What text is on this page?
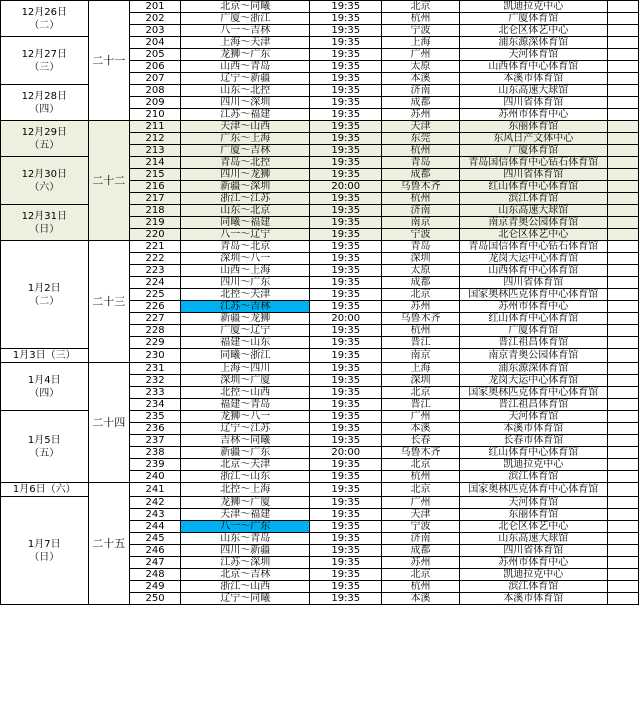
12月26日
（二）	二十一	201	北京～同曦	19:35	北京	凯迪拉克中心	
		202	广厦～浙江	19:35	杭州	广厦体育馆	
		203	八一～吉林	19:35	宁波	北仑区体艺中心	
12月27日
（三）		204	上海～天津	19:35	上海	浦东源深体育馆	
		205	龙狮～广东	19:35	广州	天河体育馆	
		206	山西～青岛	19:35	太原	山西体育中心体育馆	
		207	辽宁～新疆	19:35	本溪	本溪市体育馆	
12月28日
（四）		208	山东～北控	19:35	济南	山东高速大球馆	
		209	四川～深圳	19:35	成都	四川省体育馆	
		210	江苏～福建	19:35	苏州	苏州市体育中心	
12月29日
（五）	二十二	211	天津～山西	19:35	天津	东丽体育馆	
		212	广东～上海	19:35	东莞	东风日产文体中心	
		213	广厦～吉林	19:35	杭州	广厦体育馆	
12月30日
（六）		214	青岛～北控	19:35	青岛	青岛国信体育中心钻石体育馆	
		215	四川～龙狮	19:35	成都	四川省体育馆	
		216	新疆～深圳	20:00	乌鲁木齐	红山体育中心体育馆	
		217	浙江～江苏	19:35	杭州	滨江体育馆	
12月31日
（日）		218	山东～北京	19:35	济南	山东高速大球馆	
		219	同曦～福建	19:35	南京	南京青奥公园体育馆	
		220	八一～辽宁	19:35	宁波	北仑区体艺中心	
1月2日
（二）	二十三	221	青岛～北京	19:35	青岛	青岛国信体育中心钻石体育馆	
		222	深圳～八一	19:35	深圳	龙岗大运中心体育馆	
		223	山西～上海	19:35	太原	山西体育中心体育馆	
		224	四川～广东	19:35	成都	四川省体育馆	
		225	北控～天津	19:35	北京	国家奥林匹克体育中心体育馆	
		226	江苏～吉林	19:35	苏州	苏州市体育中心	
		227	新疆～龙狮	20:00	乌鲁木齐	红山体育中心体育馆	
		228	广厦～辽宁	19:35	杭州	广厦体育馆	
		229	福建～山东	19:35	晋江	晋江祖昌体育馆	
1月3日（三）		230	同曦～浙江	19:35	南京	南京青奥公园体育馆	
1月4日
（四）	二十四	231	上海～四川	19:35	上海	浦东源深体育馆	
		232	深圳～广厦	19:35	深圳	龙岗大运中心体育馆	
		233	北控～山西	19:35	北京	国家奥林匹克体育中心体育馆	
		234	福建～青岛	19:35	晋江	晋江祖昌体育馆	
1月5日
（五）		235	龙狮～八一	19:35	广州	天河体育馆	
		236	辽宁～江苏	19:35	本溪	本溪市体育馆	
		237	吉林～同曦	19:35	长春	长春市体育馆	
		238	新疆～广东	20:00	乌鲁木齐	红山体育中心体育馆	
		239	北京～天津	19:35	北京	凯迪拉克中心	
		240	浙江～山东	19:35	杭州	滨江体育馆	
1月6日（六）	二十五	241	北控～上海	19:35	北京	国家奥林匹克体育中心体育馆	
1月7日
（日）		242	龙狮～广厦	19:35	广州	天河体育馆	
		243	天津～福建	19:35	天津	东丽体育馆	
		244	八一～广东	19:35	宁波	北仑区体艺中心	
		245	山东～青岛	19:35	济南	山东高速大球馆	
		246	四川～新疆	19:35	成都	四川省体育馆	
		247	江苏～深圳	19:35	苏州	苏州市体育中心	
		248	北京～吉林	19:35	北京	凯迪拉克中心	
		249	浙江～山西	19:35	杭州	滨江体育馆	
		250	辽宁～同曦	19:35	本溪	本溪市体育馆	
